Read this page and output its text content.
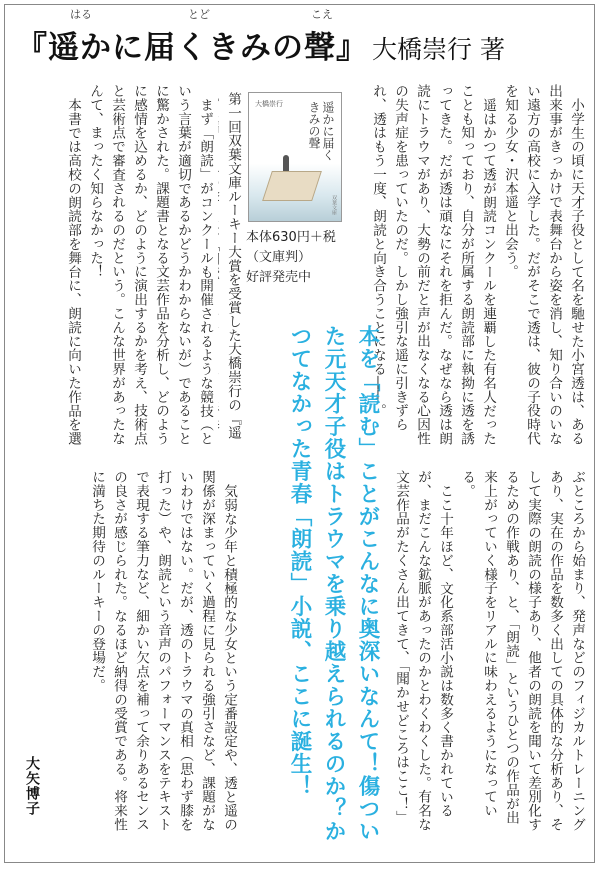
はる	とど	こえ
『遥かに届くきみの聲』 大橋崇行 著

小学生の頃に天才子役として名を馳せた小宮透は、ある出来事がきっかけで表舞台から姿を消し、知り合いのいない遠方の高校に入学した。だがそこで透は、彼の子役時代を知る少女・沢本遥と出会う。

遥はかつて透が朗読コンクールを連覇した有名人だったことも知っており、自分が所属する朗読部に執拗に透を誘ってきた。だが透は頑なにそれを拒んだ。なぜなら透は朗読にトラウマがあり、大勢の前だと声が出なくなる心因性の失声症を患っていたのだ。しかし強引な遥に引きずられ、透はもう一度、朗読と向き合うことになる――。

大橋崇行	遥かに届くきみの聲
双葉文庫
本体630円＋税
（文庫判）
好評発売中
第一回双葉文庫ルーキー大賞を受賞した大橋崇行の『遥

まず「朗読」がコンクールも開催されるような競技（という言葉が適切であるかどうかわからないが）であることに驚かされた。課題書となる文芸作品を分析し、どのように感情を込めるか、どのように演出するかを考え、技術点と芸術点で審査されるのだという。こんな世界があったなんて、まったく知らなかった！

本書では高校の朗読部を舞台に、朗読に向いた作品を選

本を「読む」ことがこんなに奥深いなんて！傷ついた元天才子役はトラウマを乗り越えられるのか？かつてなかった青春「朗読」小説、ここに誕生！	ぶところから始まり、発声などのフィジカルトレーニングあり、実在の作品を数多く出しての具体的な分析あり、そして実際の朗読の様子あり、他者の朗読を聞いて差別化するための作戦あり、と、「朗読」というひとつの作品が出来上がっていく様子をリアルに味わえるようになっている。

ここ十年ほど、文化系部活小説は数多く書かれているが、まだこんな鉱脈があったのかとわくわくした。有名な文芸作品がたくさん出てきて、「聞かせどころはここ！」

気弱な少年と積極的な少女という定番設定や、透と遥の関係が深まっていく過程に見られる強引さなど、課題がないわけではない。だが、透のトラウマの真相（思わず膝を打った）や、朗読という音声のパフォーマンスをテキストで表現する筆力など、細かい欠点を補って余りあるセンスの良さが感じられた。なるほど納得の受賞である。将来性に満ちた期待のルーキーの登場だ。

大矢博子
